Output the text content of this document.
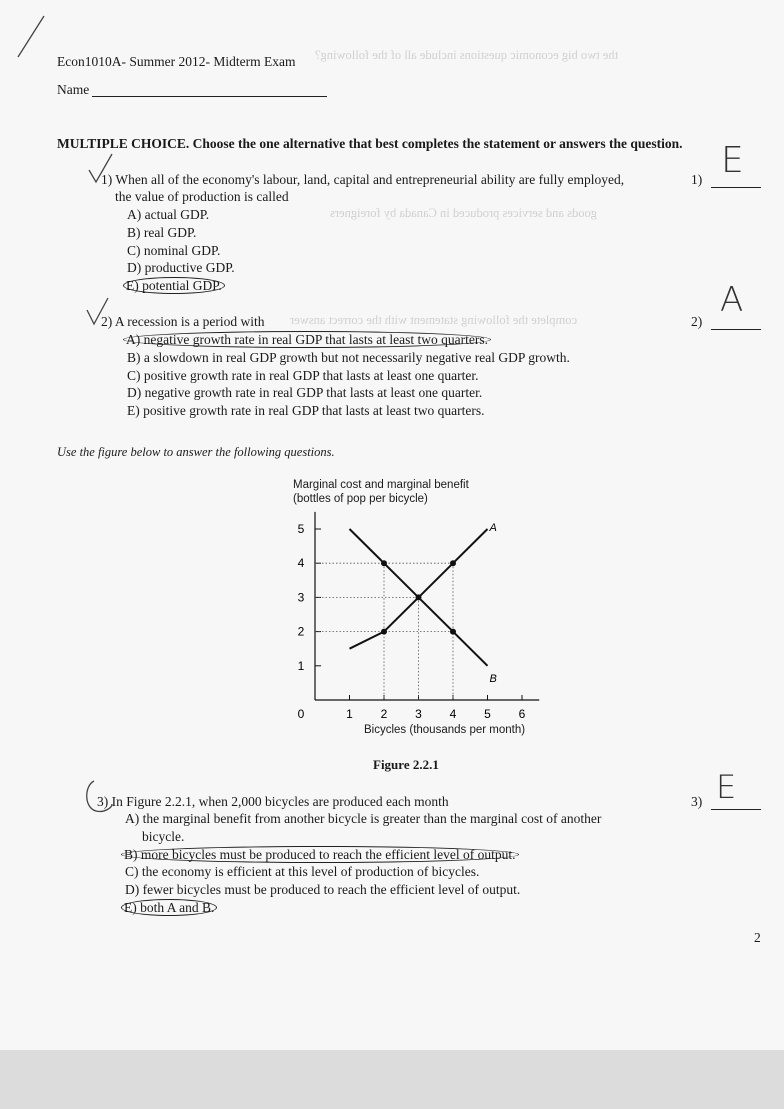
the two big economic questions include all of the following?
goods and services produced in Canada by foreigners
complete the following statement with the correct answer
Econ1010A- Summer 2012- Midterm Exam
Name
MULTIPLE CHOICE. Choose the one alternative that best completes the statement or answers the question.
1) When all of the economy's labour, land, capital and entrepreneurial ability are fully employed,
the value of production is called
A) actual GDP.
B) real GDP.
C) nominal GDP.
D) productive GDP.
E) potential GDP.
1) E
2) A recession is a period with
A) negative growth rate in real GDP that lasts at least two quarters.
B) a slowdown in real GDP growth but not necessarily negative real GDP growth.
C) positive growth rate in real GDP that lasts at least one quarter.
D) negative growth rate in real GDP that lasts at least one quarter.
E) positive growth rate in real GDP that lasts at least two quarters.
2)
A
Use the figure below to answer the following questions.
Marginal cost and marginal benefit
(bottles of pop per bicycle)
A
B
1
2
3
4
5
1 2 3 4 5 6
0
Bicycles (thousands per month)
Figure 2.2.1
3) In Figure 2.2.1, when 2,000 bicycles are produced each month
A) the marginal benefit from another bicycle is greater than the marginal cost of another
bicycle.
B) more bicycles must be produced to reach the efficient level of output.
C) the economy is efficient at this level of production of bicycles.
D) fewer bicycles must be produced to reach the efficient level of output.
E) both A and B.
3) E
2
